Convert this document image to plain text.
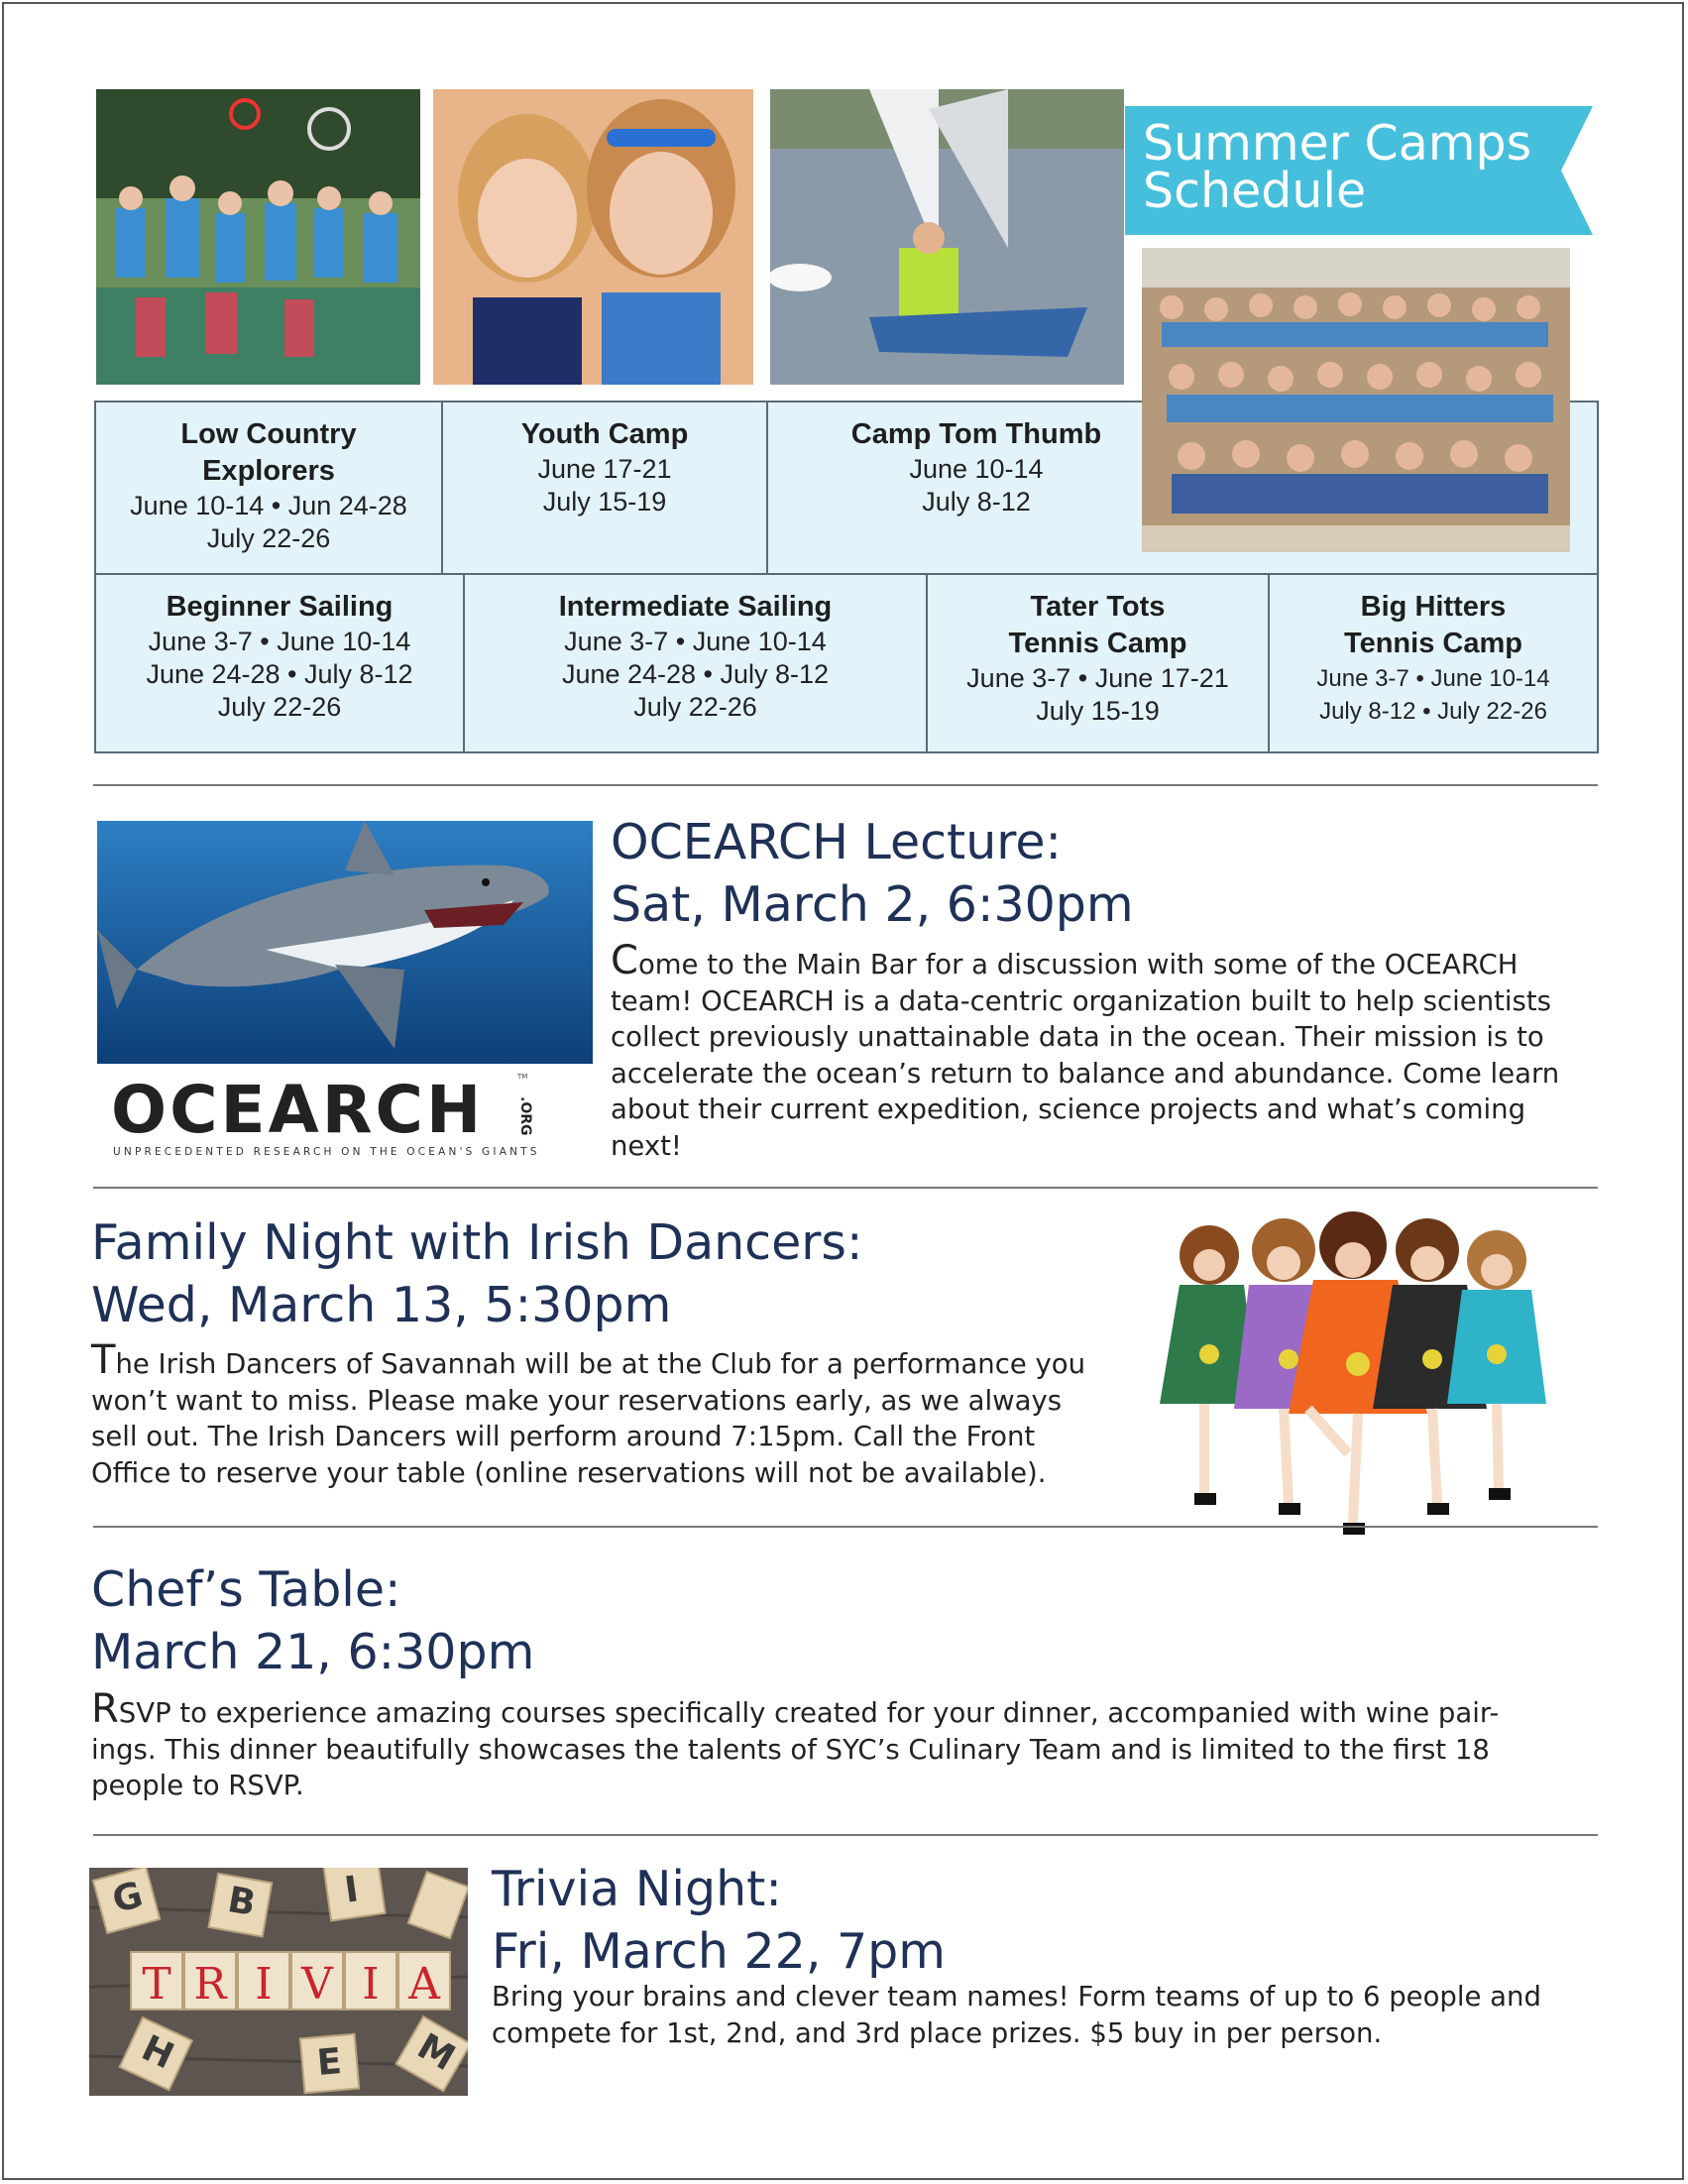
Summer Camps
Schedule
Low Country
Explorers
June 10-14 • Jun 24-28
July 22-26
Youth Camp
June 17-21
July 15-19
Camp Tom Thumb
June 10-14
July 8-12
Beginner Sailing
June 3-7 • June 10-14
June 24-28 • July 8-12
July 22-26
Intermediate Sailing
June 3-7 • June 10-14
June 24-28 • July 8-12
July 22-26
Tater Tots
Tennis Camp
June 3-7 • June 17-21
July 15-19
Big Hitters
Tennis Camp
June 3-7 • June 10-14
July 8-12 • July 22-26
OCEARCH .ORG
TM
UNPRECEDENTED RESEARCH ON THE OCEAN'S GIANTS
OCEARCH Lecture:
Sat, March 2, 6:30pm
Come to the Main Bar for a discussion with some of the OCEARCH
team! OCEARCH is a data-centric organization built to help scientists
collect previously unattainable data in the ocean. Their mission is to
accelerate the ocean’s return to balance and abundance. Come learn
about their current expedition, science projects and what’s coming
next!
Family Night with Irish Dancers:
Wed, March 13, 5:30pm
The Irish Dancers of Savannah will be at the Club for a performance you
won’t want to miss. Please make your reservations early, as we always
sell out. The Irish Dancers will perform around 7:15pm. Call the Front
Office to reserve your table (online reservations will not be available).
Chef’s Table:
March 21, 6:30pm
RSVP to experience amazing courses specifically created for your dinner, accompanied with wine pair-
ings. This dinner beautifully showcases the talents of SYC’s Culinary Team and is limited to the first 18
people to RSVP.
T R I V I A
G B I
H	E M
Trivia Night:
Fri, March 22, 7pm
Bring your brains and clever team names! Form teams of up to 6 people and
compete for 1st, 2nd, and 3rd place prizes. $5 buy in per person.
